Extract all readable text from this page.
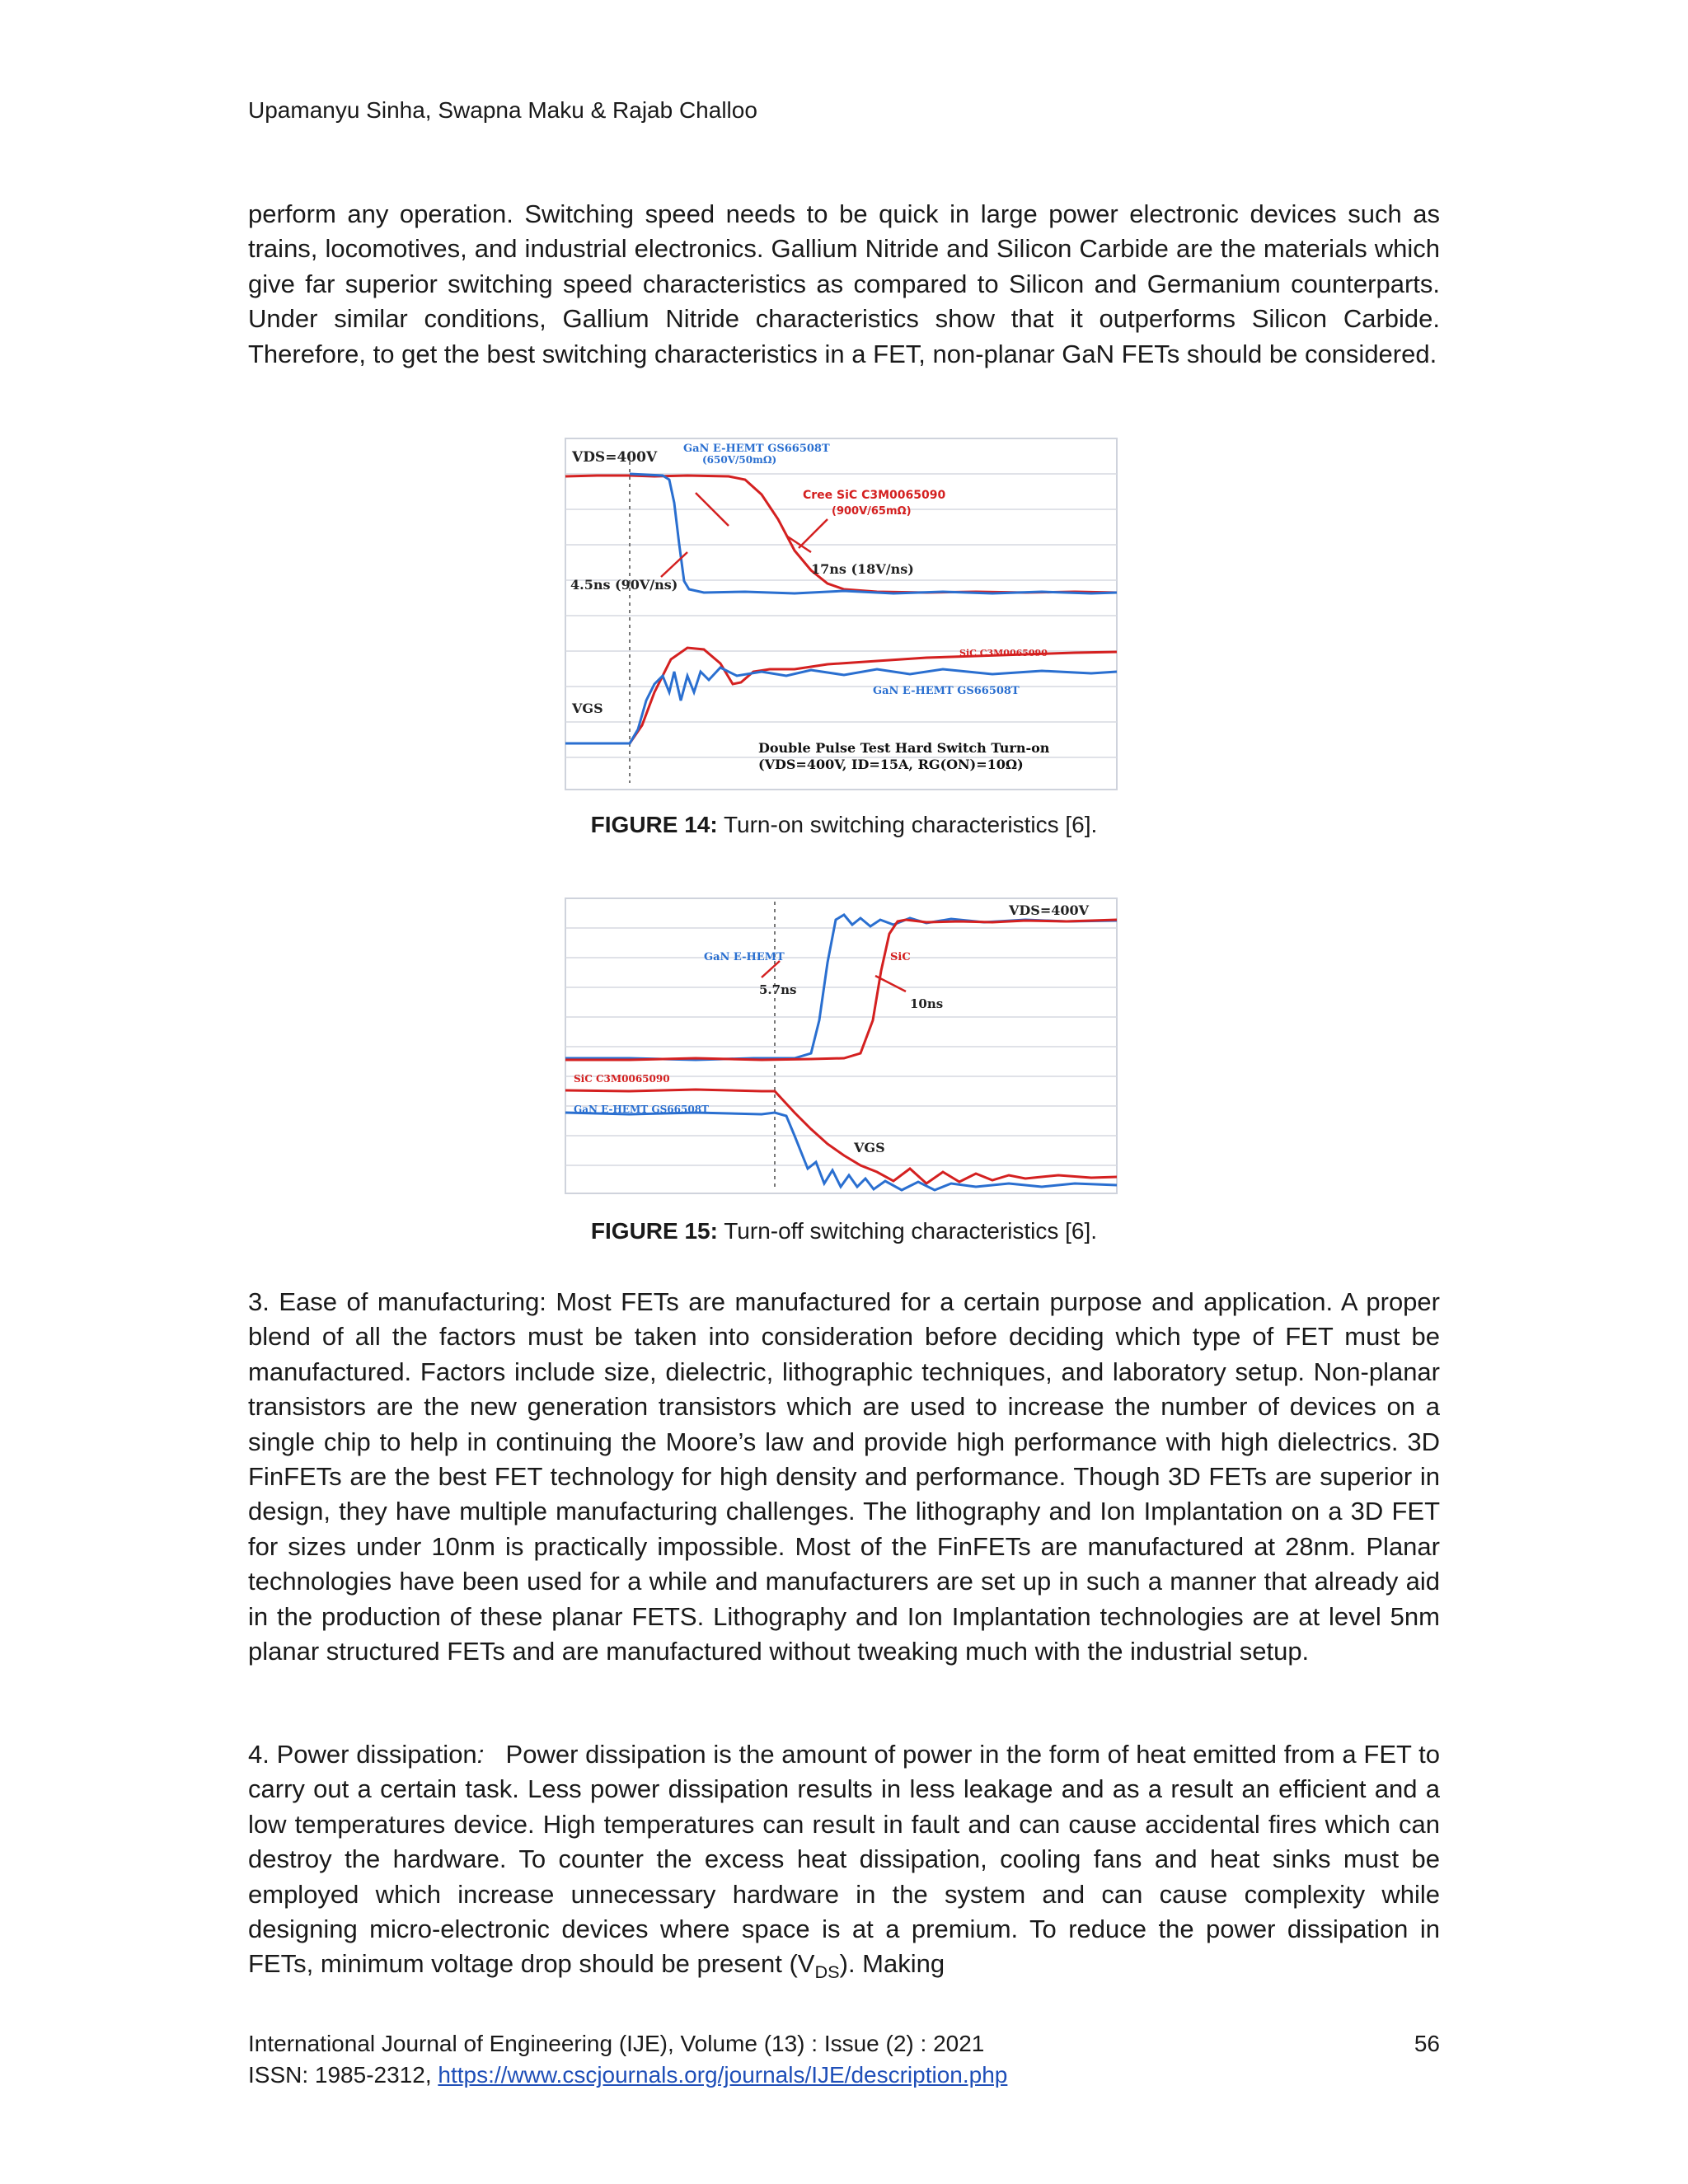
Upamanyu Sinha, Swapna Maku & Rajab Challoo

perform any operation. Switching speed needs to be quick in large power electronic devices such as trains, locomotives, and industrial electronics. Gallium Nitride and Silicon Carbide are the materials which give far superior switching speed characteristics as compared to Silicon and Germanium counterparts. Under similar conditions, Gallium Nitride characteristics show that it outperforms Silicon Carbide. Therefore, to get the best switching characteristics in a FET, non-planar GaN FETs should be considered.

VDS=400V
GaN E-HEMT GS66508T
(650V/50mΩ)
Cree SiC C3M0065090
(900V/65mΩ)
4.5ns (90V/ns)
17ns (18V/ns)
VGS
SiC C3M0065090
GaN E-HEMT GS66508T
Double Pulse Test Hard Switch Turn-on
(VDS=400V, ID=15A, RG(ON)=10Ω)
FIGURE 14: Turn-on switching characteristics [6].
VDS=400V
GaN E-HEMT	SiC
5.7ns
10ns
SiC C3M0065090
GaN E-HEMT GS66508T
VGS
FIGURE 15: Turn-off switching characteristics [6].

3. Ease of manufacturing: Most FETs are manufactured for a certain purpose and application. A proper blend of all the factors must be taken into consideration before deciding which type of FET must be manufactured. Factors include size, dielectric, lithographic techniques, and laboratory setup. Non-planar transistors are the new generation transistors which are used to increase the number of devices on a single chip to help in continuing the Moore’s law and provide high performance with high dielectrics. 3D FinFETs are the best FET technology for high density and performance. Though 3D FETs are superior in design, they have multiple manufacturing challenges. The lithography and Ion Implantation on a 3D FET for sizes under 10nm is practically impossible. Most of the FinFETs are manufactured at 28nm. Planar technologies have been used for a while and manufacturers are set up in such a manner that already aid in the production of these planar FETS. Lithography and Ion Implantation technologies are at level 5nm planar structured FETs and are manufactured without tweaking much with the industrial setup.

4. Power dissipation: Power dissipation is the amount of power in the form of heat emitted from a FET to carry out a certain task. Less power dissipation results in less leakage and as a result an efficient and a low temperatures device. High temperatures can result in fault and can cause accidental fires which can destroy the hardware. To counter the excess heat dissipation, cooling fans and heat sinks must be employed which increase unnecessary hardware in the system and can cause complexity while designing micro-electronic devices where space is at a premium. To reduce the power dissipation in FETs, minimum voltage drop should be present $(V_{DS})$. Making

International Journal of Engineering (IJE), Volume (13) : Issue (2) : 2021	56
ISSN: 1985-2312, https://www.cscjournals.org/journals/IJE/description.php
